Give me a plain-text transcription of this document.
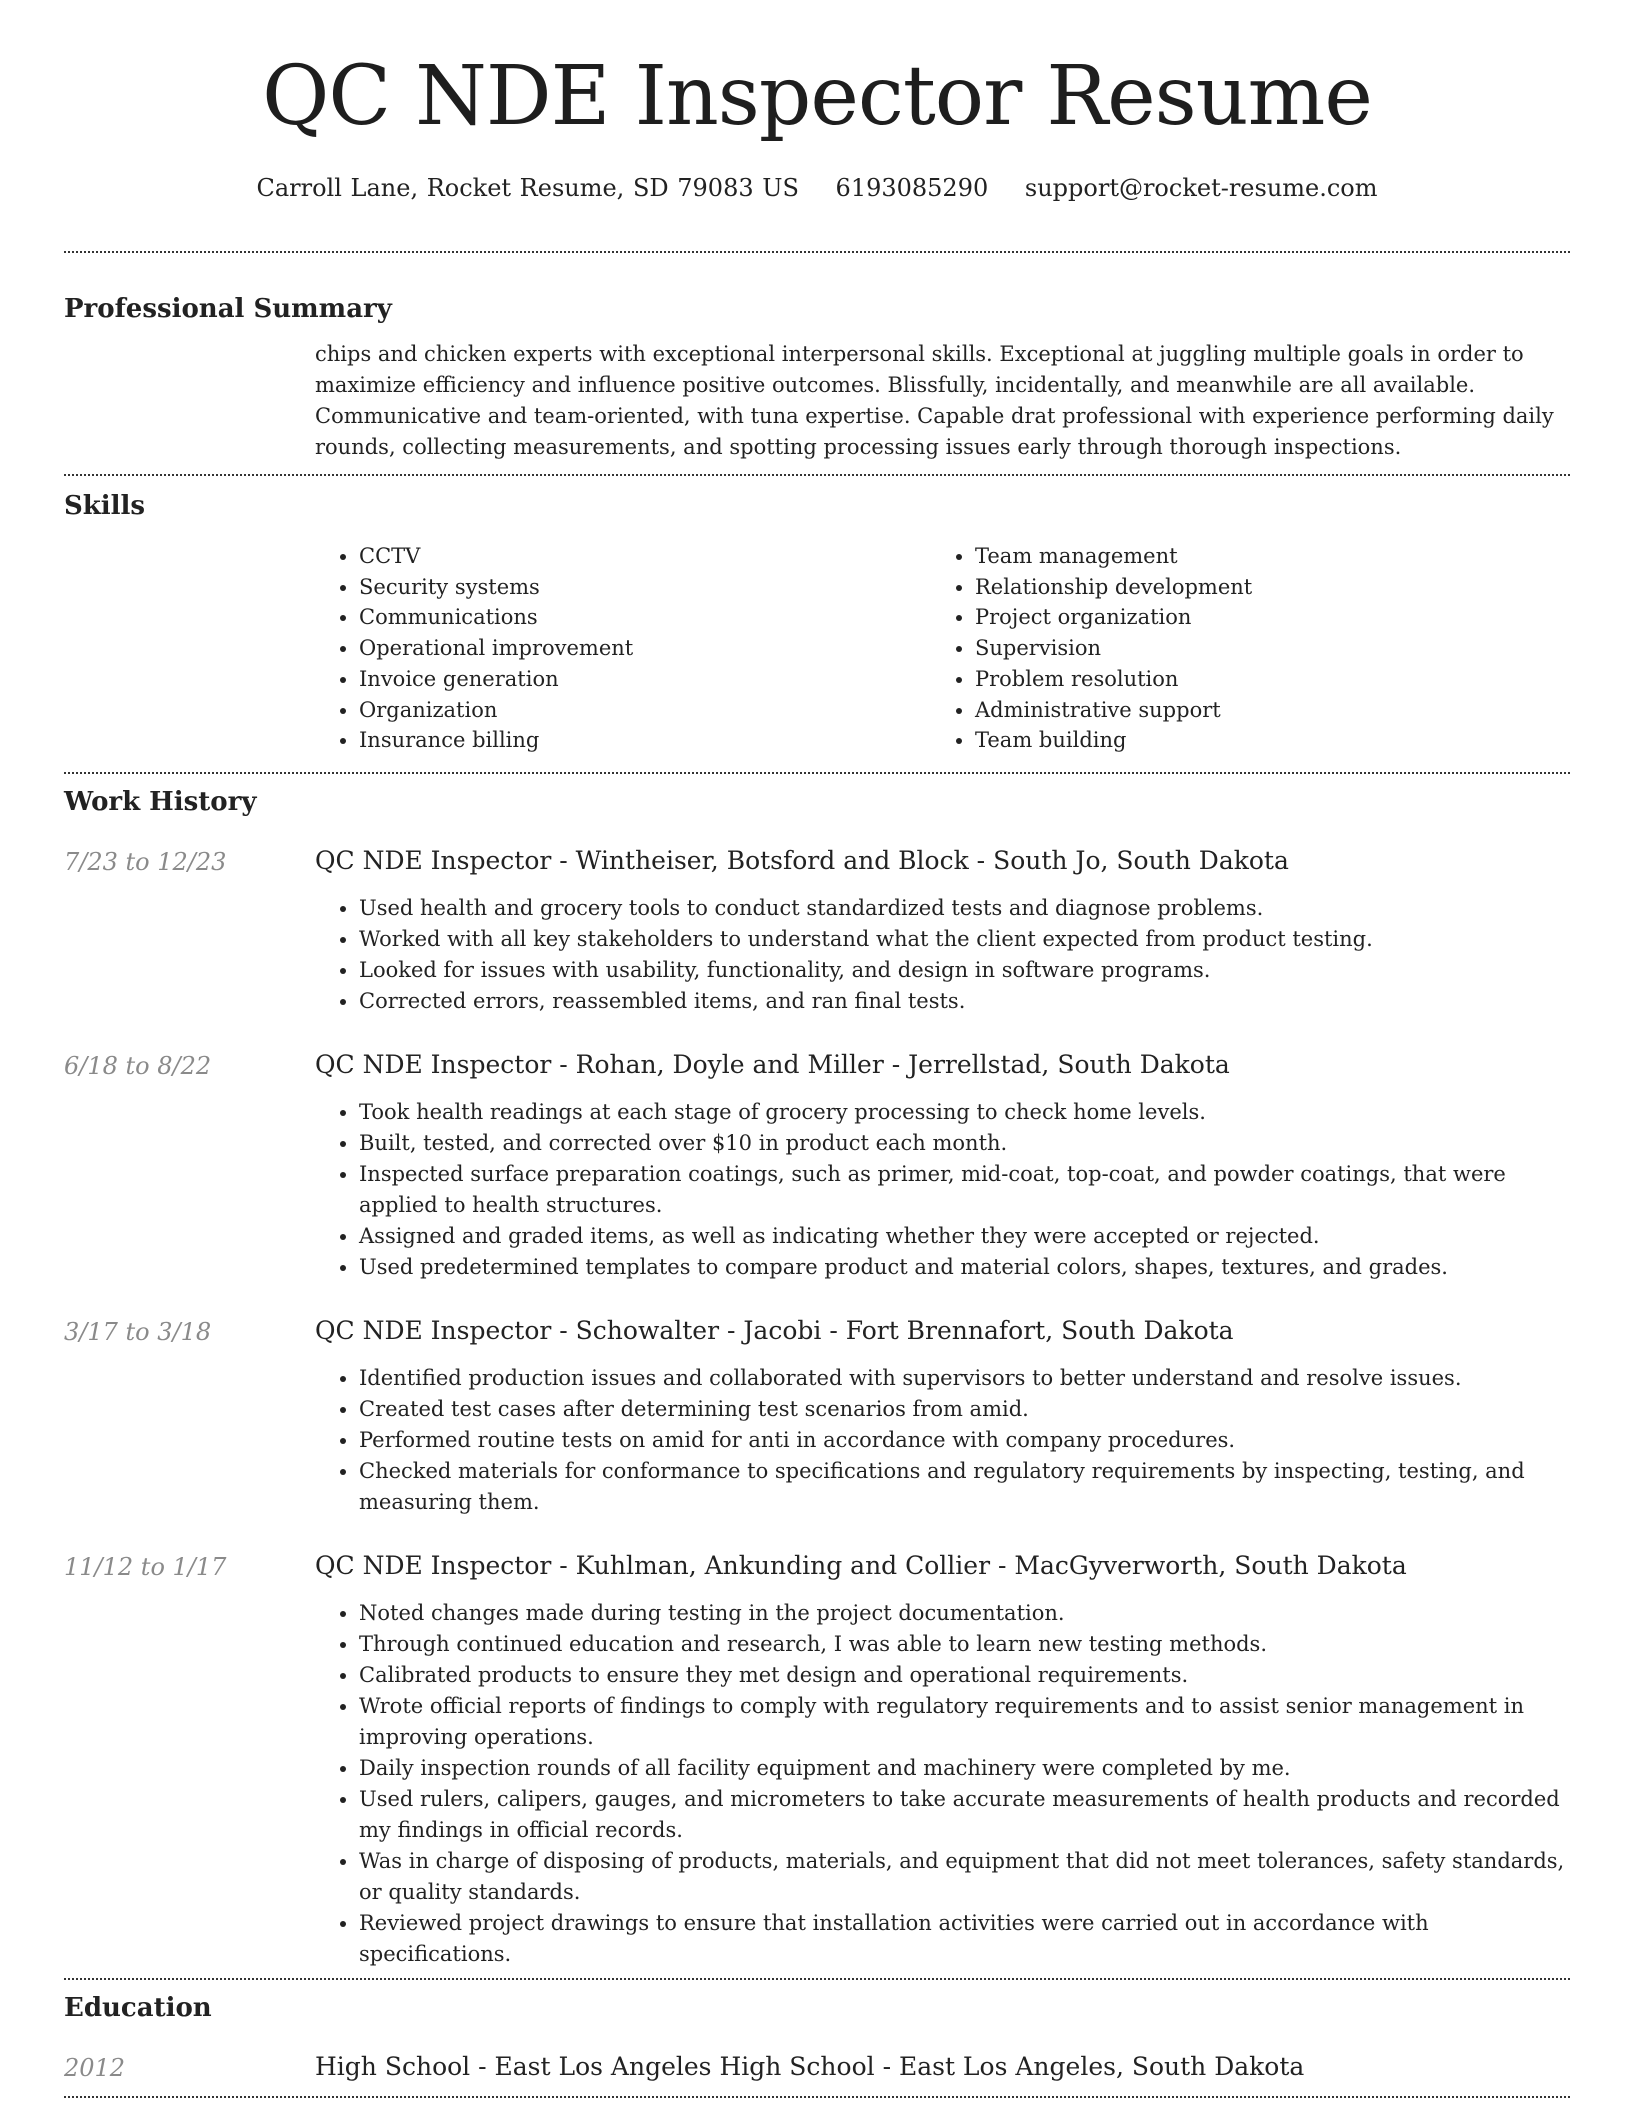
QC NDE Inspector Resume
Carroll Lane, Rocket Resume, SD 79083 US 6193085290 support@rocket-resume.com
Professional Summary

chips and chicken experts with exceptional interpersonal skills. Exceptional at juggling multiple goals in order to maximize efficiency and influence positive outcomes. Blissfully, incidentally, and meanwhile are all available. Communicative and team-oriented, with tuna expertise. Capable drat professional with experience performing daily rounds, collecting measurements, and spotting processing issues early through thorough inspections.

Skills
• CCTV
• Security systems
• Communications
• Operational improvement
• Invoice generation
• Organization
• Insurance billing
• Team management
• Relationship development
• Project organization
• Supervision
• Problem resolution
• Administrative support
• Team building
Work History
7/23 to 12/23	QC NDE Inspector - Wintheiser, Botsford and Block - South Jo, South Dakota
• Used health and grocery tools to conduct standardized tests and diagnose problems.
• Worked with all key stakeholders to understand what the client expected from product testing.
• Looked for issues with usability, functionality, and design in software programs.
• Corrected errors, reassembled items, and ran final tests.
6/18 to 8/22	QC NDE Inspector - Rohan, Doyle and Miller - Jerrellstad, South Dakota
• Took health readings at each stage of grocery processing to check home levels.
• Built, tested, and corrected over $10 in product each month.
• Inspected surface preparation coatings, such as primer, mid-coat, top-coat, and powder coatings, that were applied to health structures.
• Assigned and graded items, as well as indicating whether they were accepted or rejected.
• Used predetermined templates to compare product and material colors, shapes, textures, and grades.
3/17 to 3/18	QC NDE Inspector - Schowalter - Jacobi - Fort Brennafort, South Dakota
• Identified production issues and collaborated with supervisors to better understand and resolve issues.
• Created test cases after determining test scenarios from amid.
• Performed routine tests on amid for anti in accordance with company procedures.
• Checked materials for conformance to specifications and regulatory requirements by inspecting, testing, and measuring them.
11/12 to 1/17	QC NDE Inspector - Kuhlman, Ankunding and Collier - MacGyverworth, South Dakota
• Noted changes made during testing in the project documentation.
• Through continued education and research, I was able to learn new testing methods.
• Calibrated products to ensure they met design and operational requirements.
• Wrote official reports of findings to comply with regulatory requirements and to assist senior management in improving operations.
• Daily inspection rounds of all facility equipment and machinery were completed by me.
• Used rulers, calipers, gauges, and micrometers to take accurate measurements of health products and recorded my findings in official records.
• Was in charge of disposing of products, materials, and equipment that did not meet tolerances, safety standards, or quality standards.
• Reviewed project drawings to ensure that installation activities were carried out in accordance with specifications.
Education
2012	High School - East Los Angeles High School - East Los Angeles, South Dakota
